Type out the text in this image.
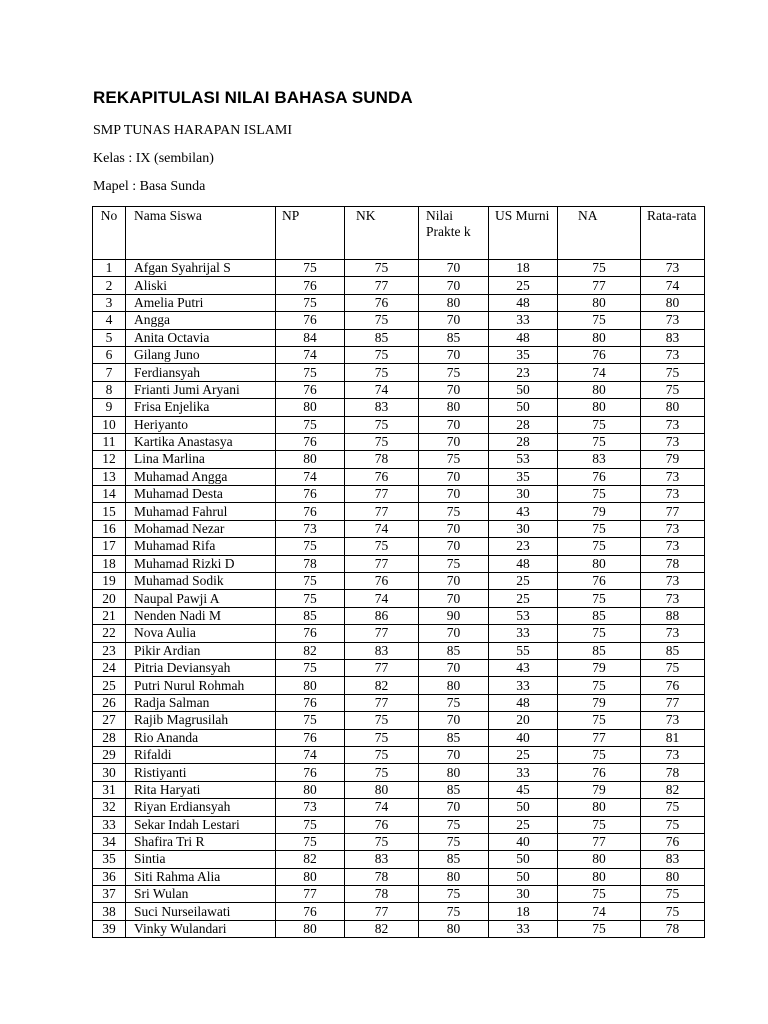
REKAPITULASI NILAI BAHASA SUNDA
SMP TUNAS HARAPAN ISLAMI
Kelas : IX (sembilan)
Mapel : Basa Sunda
No	Nama Siswa	NP	NK	Nilai Prakte k	US Murni	NA	Rata-rata
1	Afgan Syahrijal S	75	75	70	18	75	73
2	Aliski	76	77	70	25	77	74
3	Amelia Putri	75	76	80	48	80	80
4	Angga	76	75	70	33	75	73
5	Anita Octavia	84	85	85	48	80	83
6	Gilang Juno	74	75	70	35	76	73
7	Ferdiansyah	75	75	75	23	74	75
8	Frianti Jumi Aryani	76	74	70	50	80	75
9	Frisa Enjelika	80	83	80	50	80	80
10	Heriyanto	75	75	70	28	75	73
11	Kartika Anastasya	76	75	70	28	75	73
12	Lina Marlina	80	78	75	53	83	79
13	Muhamad Angga	74	76	70	35	76	73
14	Muhamad Desta	76	77	70	30	75	73
15	Muhamad Fahrul	76	77	75	43	79	77
16	Mohamad Nezar	73	74	70	30	75	73
17	Muhamad Rifa	75	75	70	23	75	73
18	Muhamad Rizki D	78	77	75	48	80	78
19	Muhamad Sodik	75	76	70	25	76	73
20	Naupal Pawji A	75	74	70	25	75	73
21	Nenden Nadi M	85	86	90	53	85	88
22	Nova Aulia	76	77	70	33	75	73
23	Pikir Ardian	82	83	85	55	85	85
24	Pitria Deviansyah	75	77	70	43	79	75
25	Putri Nurul Rohmah	80	82	80	33	75	76
26	Radja Salman	76	77	75	48	79	77
27	Rajib Magrusilah	75	75	70	20	75	73
28	Rio Ananda	76	75	85	40	77	81
29	Rifaldi	74	75	70	25	75	73
30	Ristiyanti	76	75	80	33	76	78
31	Rita Haryati	80	80	85	45	79	82
32	Riyan Erdiansyah	73	74	70	50	80	75
33	Sekar Indah Lestari	75	76	75	25	75	75
34	Shafira Tri R	75	75	75	40	77	76
35	Sintia	82	83	85	50	80	83
36	Siti Rahma Alia	80	78	80	50	80	80
37	Sri Wulan	77	78	75	30	75	75
38	Suci Nurseilawati	76	77	75	18	74	75
39	Vinky Wulandari	80	82	80	33	75	78
